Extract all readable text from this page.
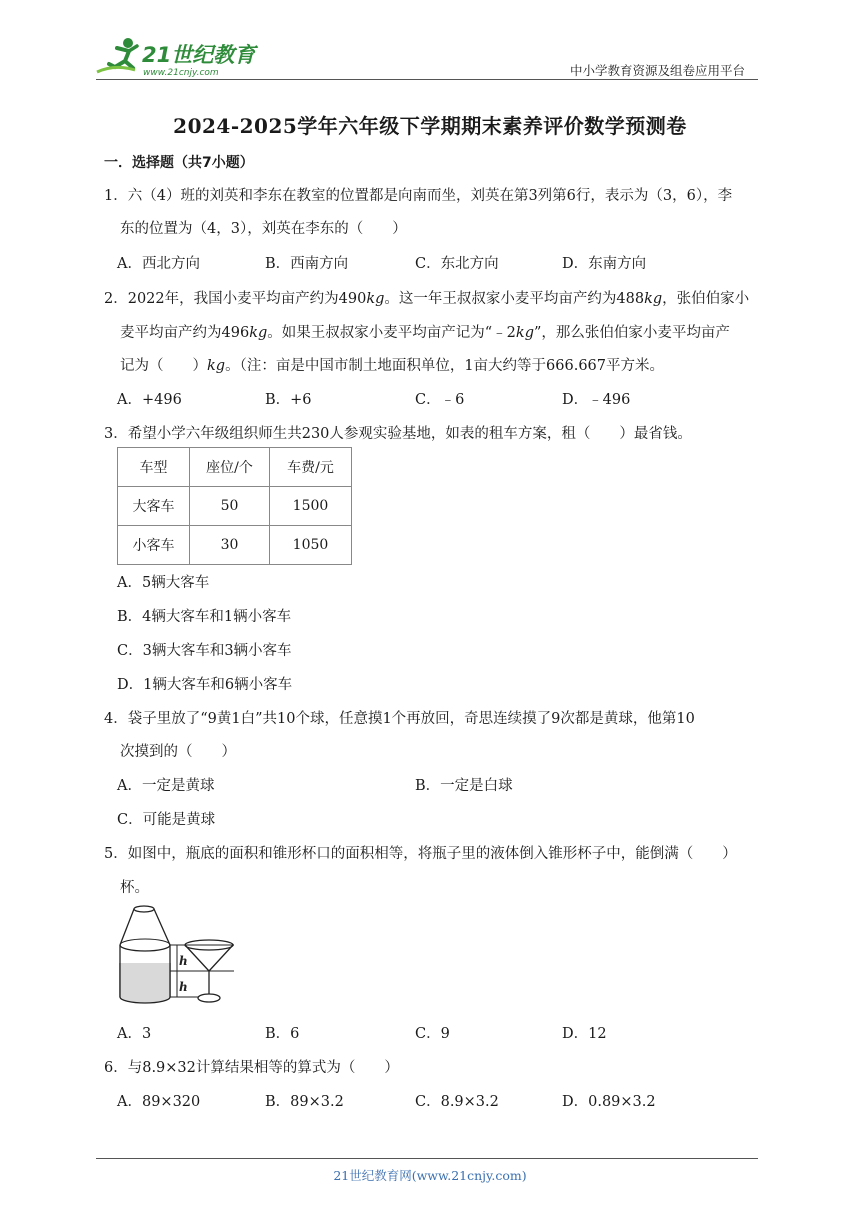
21世纪教育
www.21cnjy.com	中小学教育资源及组卷应用平台
2024-2025学年六年级下学期期末素养评价数学预测卷
一．选择题（共7小题）
1．六（4）班的刘英和李东在教室的位置都是向南而坐，刘英在第3列第6行，表示为（3，6），李
东的位置为（4，3），刘英在李东的（　　）
A．西北方向	B．西南方向	C．东北方向	D．东南方向
2．2022年，我国小麦平均亩产约为490kg。这一年王叔叔家小麦平均亩产约为488kg，张伯伯家小
麦平均亩产约为496kg。如果王叔叔家小麦平均亩产记为“﹣2kg”，那么张伯伯家小麦平均亩产
记为（　　）kg。（注：亩是中国市制土地面积单位，1亩大约等于666.667平方米。
A．+496	B．+6	C．﹣6	D．﹣496
3．希望小学六年级组织师生共230人参观实验基地，如表的租车方案，租（　　）最省钱。
车型	座位/个	车费/元
大客车	50	1500
小客车	30	1050
A．5辆大客车
B．4辆大客车和1辆小客车
C．3辆大客车和3辆小客车
D．1辆大客车和6辆小客车
4．袋子里放了“9黄1白”共10个球，任意摸1个再放回，奇思连续摸了9次都是黄球，他第10
次摸到的（　　）
A．一定是黄球	B．一定是白球
C．可能是黄球
5．如图中，瓶底的面积和锥形杯口的面积相等，将瓶子里的液体倒入锥形杯子中，能倒满（　　）
杯。
h
h
A．3	B．6	C．9	D．12
6．与8.9×32计算结果相等的算式为（　　）
A．89×320	B．89×3.2	C．8.9×3.2	D．0.89×3.2
21世纪教育网(www.21cnjy.com)
